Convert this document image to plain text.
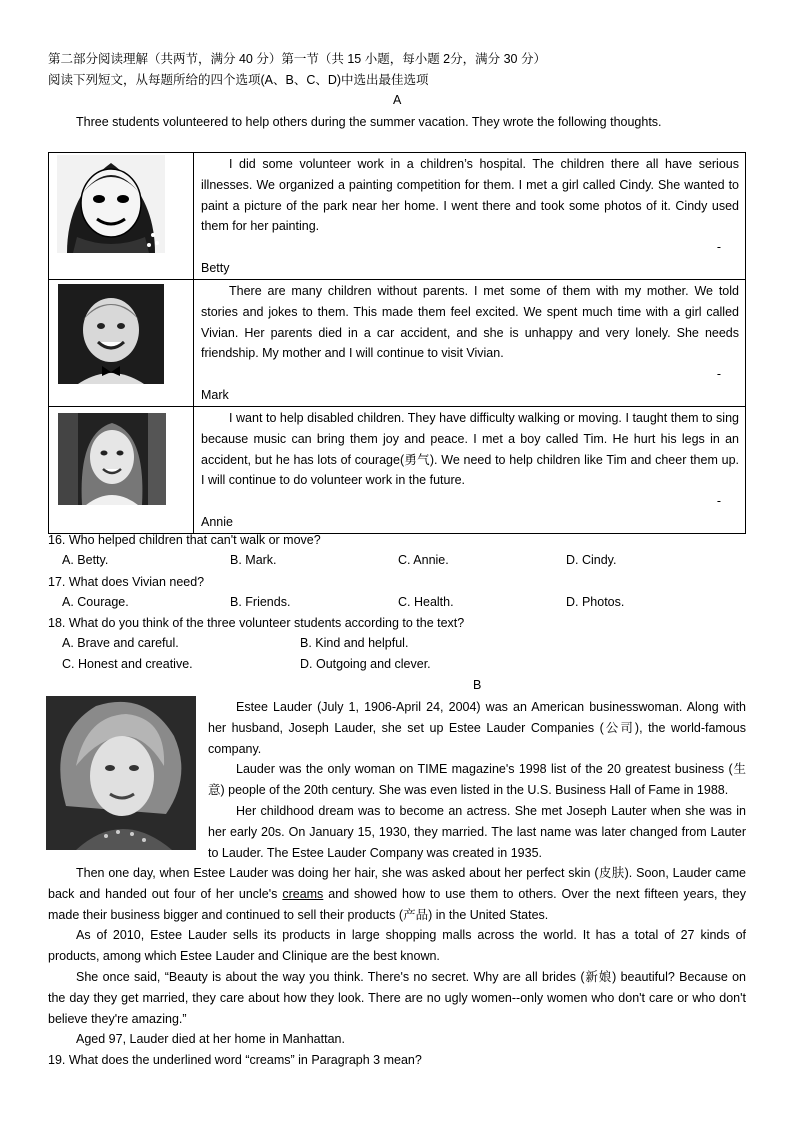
第二部分阅读理解（共两节，满分 40 分）第一节（共 15 小题，每小题 2分，满分 30 分）
阅读下列短文，从每题所给的四个选项(A、B、C、D)中选出最佳选项
A
Three students volunteered to help others during the summer vacation. They wrote the following thoughts.

I did some volunteer work in a children’s hospital. The children there all have serious illnesses. We organized a painting competition for them. I met a girl called Cindy. She wanted to paint a picture of the park near her home. I went there and took some photos of it. Cindy used them for her painting.
-
Betty

There are many children without parents. I met some of them with my mother. We told stories and jokes to them. This made them feel excited. We spent much time with a girl called Vivian. Her parents died in a car accident, and she is unhappy and very lonely. She needs friendship. My mother and I will continue to visit Vivian.
-
Mark

I want to help disabled children. They have difficulty walking or moving. I taught them to sing because music can bring them joy and peace. I met a boy called Tim. He hurt his legs in an accident, but he has lots of courage(勇气). We need to help children like Tim and cheer them up. I will continue to do volunteer work in the future.
-
Annie
16. Who helped children that can't walk or move?
A. Betty.	B. Mark.	C. Annie.	D. Cindy.
17. What does Vivian need?
A. Courage.	B. Friends.	C. Health.	D. Photos.
18. What do you think of the three volunteer students according to the text?
A. Brave and careful.	B. Kind and helpful.
C. Honest and creative.	D. Outgoing and clever.
B
Estee Lauder (July 1, 1906-April 24, 2004) was an American businesswoman. Along with her husband, Joseph Lauder, she set up Estee Lauder Companies (公司), the world-famous company.
Lauder was the only woman on TIME magazine's 1998 list of the 20 greatest business (生意) people of the 20th century. She was even listed in the U.S. Business Hall of Fame in 1988.
Her childhood dream was to become an actress. She met Joseph Lauter when she was in her early 20s. On January 15, 1930, they married. The last name was later changed from Lauter to Lauder. The Estee Lauder Company was created in 1935.
Then one day, when Estee Lauder was doing her hair, she was asked about her perfect skin (皮肤). Soon, Lauder came back and handed out four of her uncle's creams and showed how to use them to others. Over the next fifteen years, they made their business bigger and continued to sell their products (产品) in the United States.
As of 2010, Estee Lauder sells its products in large shopping malls across the world. It has a total of 27 kinds of products, among which Estee Lauder and Clinique are the best known.
She once said, “Beauty is about the way you think. There's no secret. Why are all brides (新娘) beautiful? Because on the day they get married, they care about how they look. There are no ugly women--only women who don't care or who don't believe they're amazing.”
Aged 97, Lauder died at her home in Manhattan.
19. What does the underlined word “creams” in Paragraph 3 mean?
